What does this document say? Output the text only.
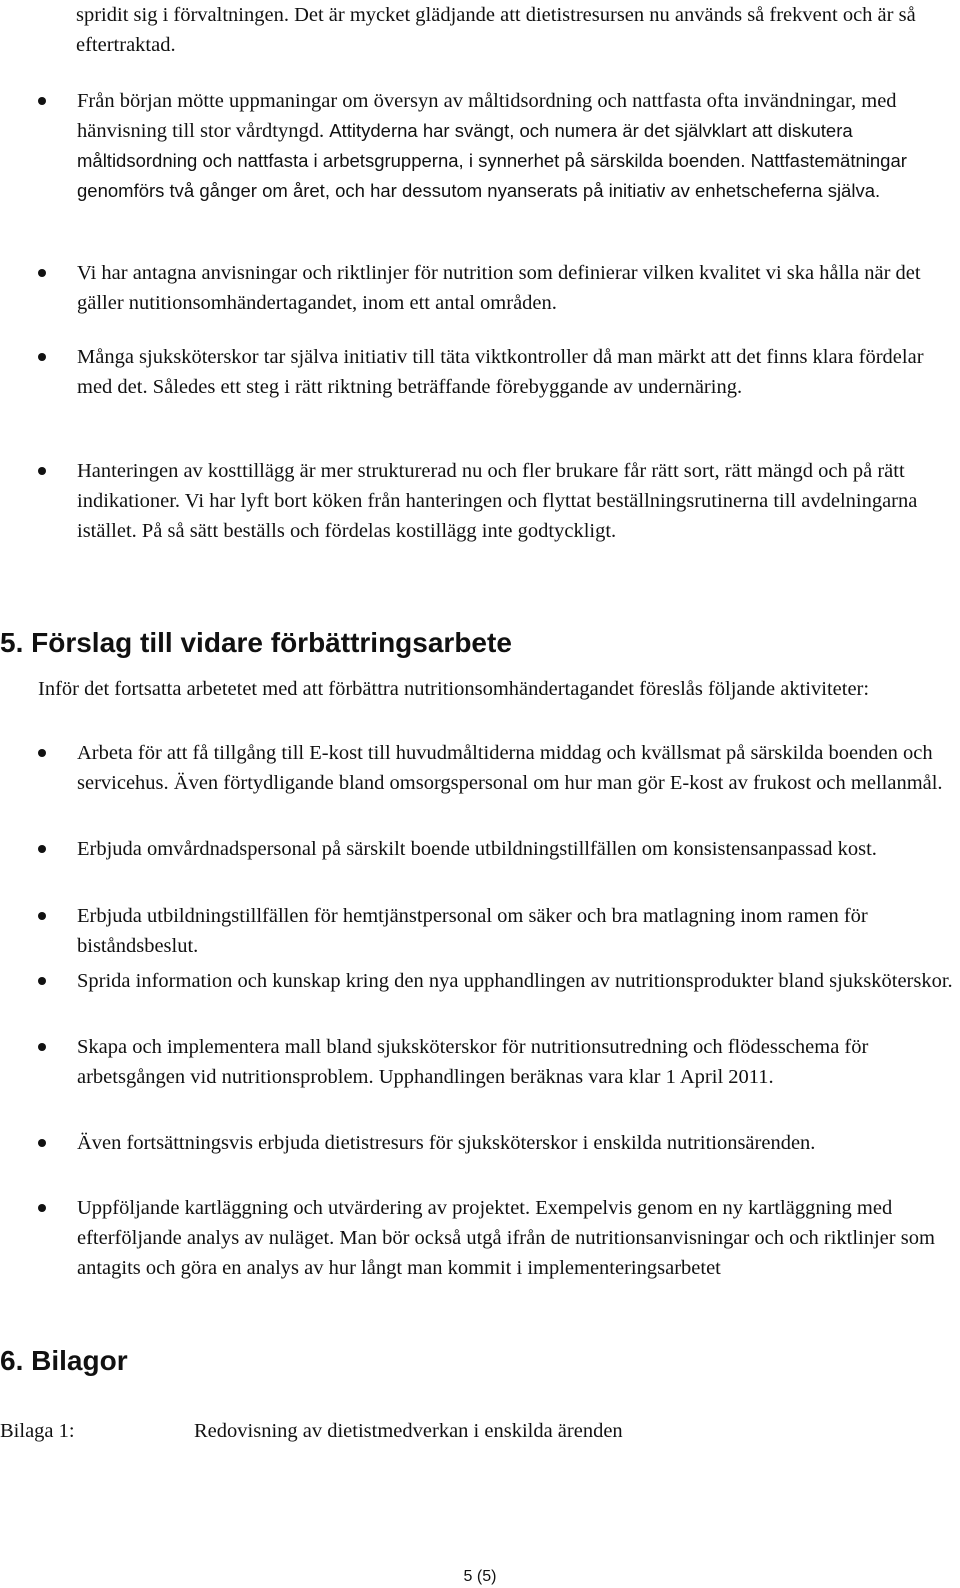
spridit sig i förvaltningen. Det är mycket glädjande att dietistresursen nu används så frekvent och är så eftertraktad.
Från början mötte uppmaningar om översyn av måltidsordning och nattfasta ofta invändningar, med hänvisning till stor vårdtyngd. Attityderna har svängt, och numera är det självklart att diskutera måltidsordning och nattfasta i arbetsgrupperna, i synnerhet på särskilda boenden. Nattfastemätningar genomförs två gånger om året, och har dessutom nyanserats på initiativ av enhetscheferna själva.
Vi har antagna anvisningar och riktlinjer för nutrition som definierar vilken kvalitet vi ska hålla när det gäller nutitionsomhändertagandet, inom ett antal områden.
Många sjuksköterskor tar själva initiativ till täta viktkontroller då man märkt att det finns klara fördelar med det. Således ett steg i rätt riktning beträffande förebyggande av undernäring.
Hanteringen av kosttillägg är mer strukturerad nu och fler brukare får rätt sort, rätt mängd och på rätt indikationer. Vi har lyft bort köken från hanteringen och flyttat beställningsrutinerna till avdelningarna istället. På så sätt beställs och fördelas kostillägg inte godtyckligt.
5. Förslag till vidare förbättringsarbete
Inför det fortsatta arbetetet med att förbättra nutritionsomhändertagandet föreslås följande aktiviteter:
Arbeta för att få tillgång till E-kost till huvudmåltiderna middag och kvällsmat på särskilda boenden och servicehus. Även förtydligande bland omsorgspersonal om hur man gör E-kost av frukost och mellanmål.
Erbjuda omvårdnadspersonal på särskilt boende utbildningstillfällen om konsistensanpassad kost.
Erbjuda utbildningstillfällen för hemtjänstpersonal om säker och bra matlagning inom ramen för biståndsbeslut.
Sprida information och kunskap kring den nya upphandlingen av nutritionsprodukter bland sjuksköterskor.
Skapa och implementera mall bland sjuksköterskor för nutritionsutredning och flödesschema för arbetsgången vid nutritionsproblem. Upphandlingen beräknas vara klar 1 April 2011.
Även fortsättningsvis erbjuda dietistresurs för sjuksköterskor i enskilda nutritionsärenden.
Uppföljande kartläggning och utvärdering av projektet. Exempelvis genom en ny kartläggning med efterföljande analys av nuläget. Man bör också utgå ifrån de nutritionsanvisningar och och riktlinjer som antagits och göra en analys av hur långt man kommit i implementeringsarbetet
6. Bilagor
Bilaga 1:	Redovisning av dietistmedverkan i enskilda ärenden
5 (5)
